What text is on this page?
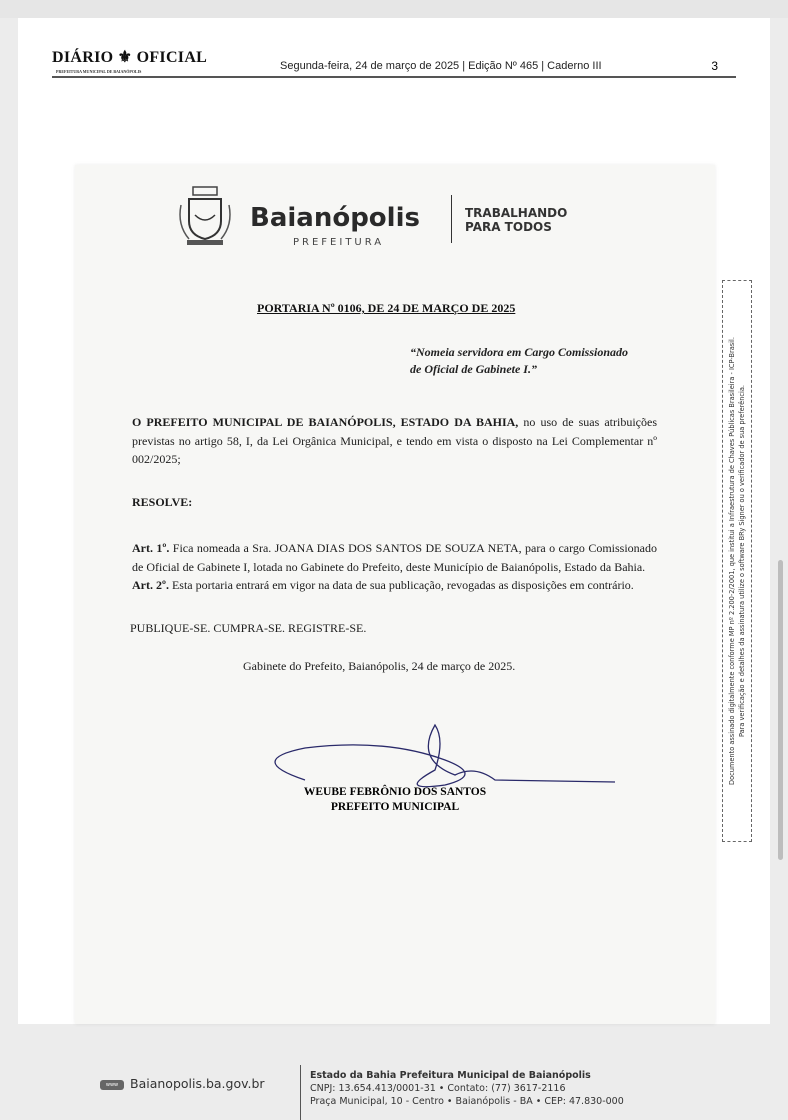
DIÁRIO ⚜ OFICIAL
PREFEITURA MUNICIPAL DE BAIANÓPOLIS	Segunda-feira, 24 de março de 2025 | Edição Nº 465 | Caderno III	3
Baianópolis
PREFEITURA
TRABALHANDO
PARA TODOS
PORTARIA Nº 0106, DE 24 DE MARÇO DE 2025
“Nomeia servidora em Cargo Comissionado
de Oficial de Gabinete I.”
O PREFEITO MUNICIPAL DE BAIANÓPOLIS, ESTADO DA BAHIA, no uso de suas atribuições previstas no artigo 58, I, da Lei Orgânica Municipal, e tendo em vista o disposto na Lei Complementar nº 002/2025;
RESOLVE:
Art. 1º. Fica nomeada a Sra. JOANA DIAS DOS SANTOS DE SOUZA NETA, para o cargo Comissionado de Oficial de Gabinete I, lotada no Gabinete do Prefeito, deste Município de Baianópolis, Estado da Bahia.
Art. 2º. Esta portaria entrará em vigor na data de sua publicação, revogadas as disposições em contrário.
PUBLIQUE-SE. CUMPRA-SE. REGISTRE-SE.
Gabinete do Prefeito, Baianópolis, 24 de março de 2025.
WEUBE FEBRÔNIO DOS SANTOS
PREFEITO MUNICIPAL
www Baianopolis.ba.gov.br
Estado da Bahia Prefeitura Municipal de Baianópolis
CNPJ: 13.654.413/0001-31 • Contato: (77) 3617-2116
Praça Municipal, 10 - Centro • Baianópolis - BA • CEP: 47.830-000
Documento assinado digitalmente conforme MP nº 2.200-2/2001, que institui a Infraestrutura de Chaves Públicas Brasileira - ICP-Brasil. Para verificação e detalhes da assinatura utilize o software BRy Signer ou o verificador de sua preferência.
